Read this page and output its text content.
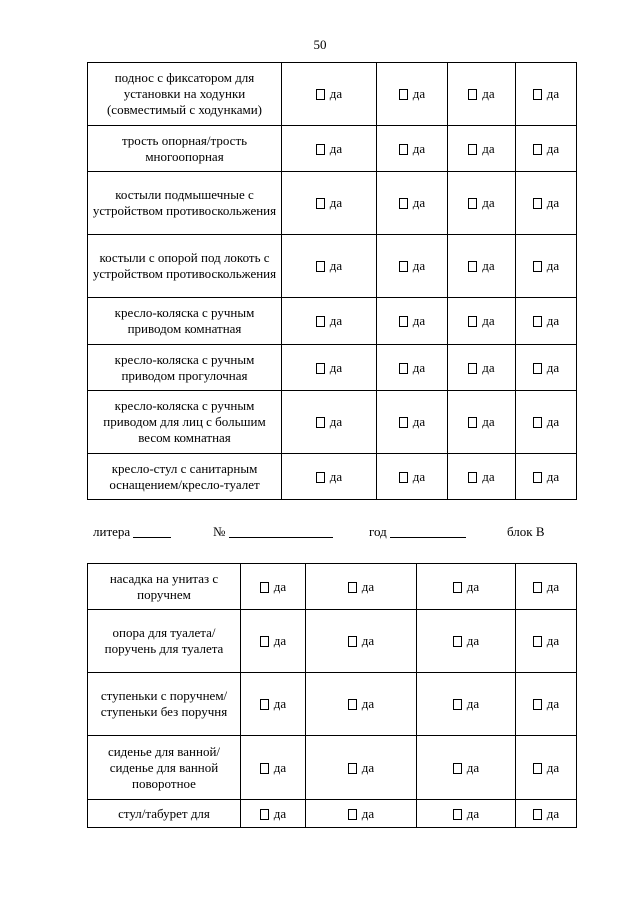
50
поднос с фиксатором для установки на ходунки (совместимый с ходунками)	да	да	да	да
трость опорная/трость многоопорная	да	да	да	да
костыли подмышечные с устройством противоскольжения	да	да	да	да
костыли с опорой под локоть с устройством противоскольжения	да	да	да	да
кресло-коляска с ручным приводом комнатная	да	да	да	да
кресло-коляска с ручным приводом прогулочная	да	да	да	да
кресло-коляска с ручным приводом для лиц с большим весом комнатная	да	да	да	да
кресло-стул с санитарным оснащением/кресло-туалет	да	да	да	да
литера	№	год	блок В
насадка на унитаз с поручнем	да	да	да	да
опора для туалета/поручень для туалета	да	да	да	да
ступеньки с поручнем/ступеньки без поручня	да	да	да	да
сиденье для ванной/сиденье для ванной поворотное	да	да	да	да
стул/табурет для	да	да	да	да
